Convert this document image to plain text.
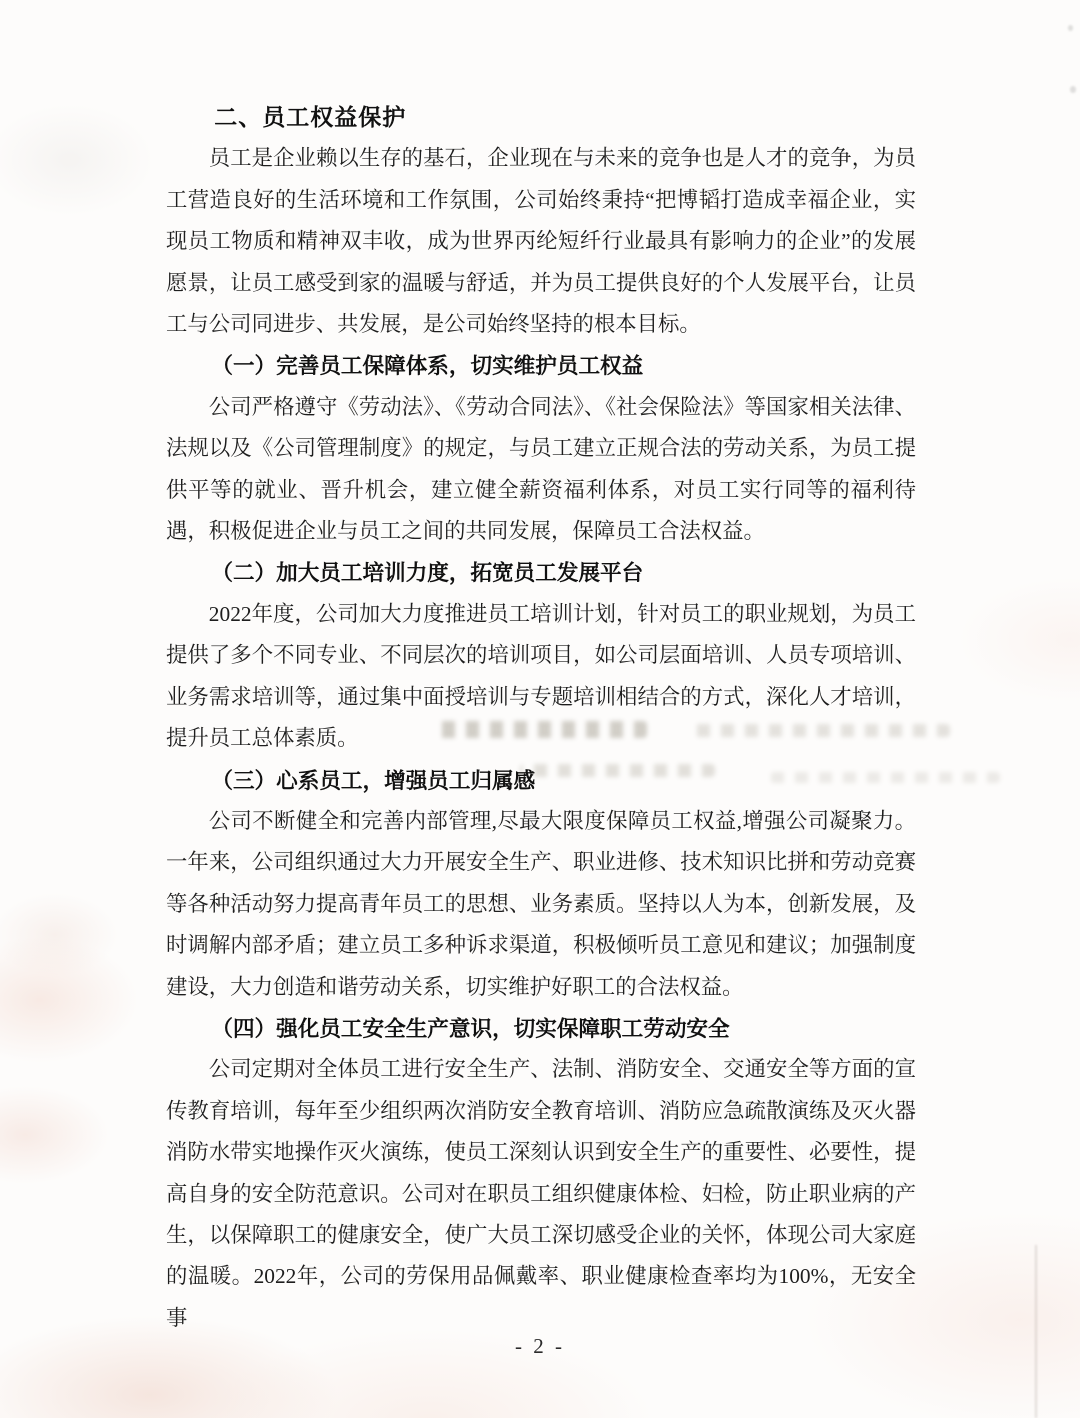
二、员工权益保护

员工是企业赖以生存的基石，企业现在与未来的竞争也是人才的竞争，为员工营造良好的生活环境和工作氛围，公司始终秉持“把博韬打造成幸福企业，实现员工物质和精神双丰收，成为世界丙纶短纤行业最具有影响力的企业”的发展愿景，让员工感受到家的温暖与舒适，并为员工提供良好的个人发展平台，让员工与公司同进步、共发展，是公司始终坚持的根本目标。

（一）完善员工保障体系，切实维护员工权益

公司严格遵守《劳动法》、《劳动合同法》、《社会保险法》等国家相关法律、法规以及《公司管理制度》的规定，与员工建立正规合法的劳动关系，为员工提供平等的就业、晋升机会，建立健全薪资福利体系，对员工实行同等的福利待遇，积极促进企业与员工之间的共同发展，保障员工合法权益。

（二）加大员工培训力度，拓宽员工发展平台

2022年度，公司加大力度推进员工培训计划，针对员工的职业规划，为员工提供了多个不同专业、不同层次的培训项目，如公司层面培训、人员专项培训、业务需求培训等，通过集中面授培训与专题培训相结合的方式，深化人才培训，提升员工总体素质。

（三）心系员工，增强员工归属感

公司不断健全和完善内部管理,尽最大限度保障员工权益,增强公司凝聚力。一年来，公司组织通过大力开展安全生产、职业进修、技术知识比拼和劳动竞赛等各种活动努力提高青年员工的思想、业务素质。坚持以人为本，创新发展，及时调解内部矛盾；建立员工多种诉求渠道，积极倾听员工意见和建议；加强制度建设，大力创造和谐劳动关系，切实维护好职工的合法权益。

（四）强化员工安全生产意识，切实保障职工劳动安全

公司定期对全体员工进行安全生产、法制、消防安全、交通安全等方面的宣传教育培训，每年至少组织两次消防安全教育培训、消防应急疏散演练及灭火器消防水带实地操作灭火演练，使员工深刻认识到安全生产的重要性、必要性，提高自身的安全防范意识。公司对在职员工组织健康体检、妇检，防止职业病的产生，以保障职工的健康安全，使广大员工深切感受企业的关怀，体现公司大家庭的温暖。2022年，公司的劳保用品佩戴率、职业健康检查率均为100%，无安全事

- 2 -
